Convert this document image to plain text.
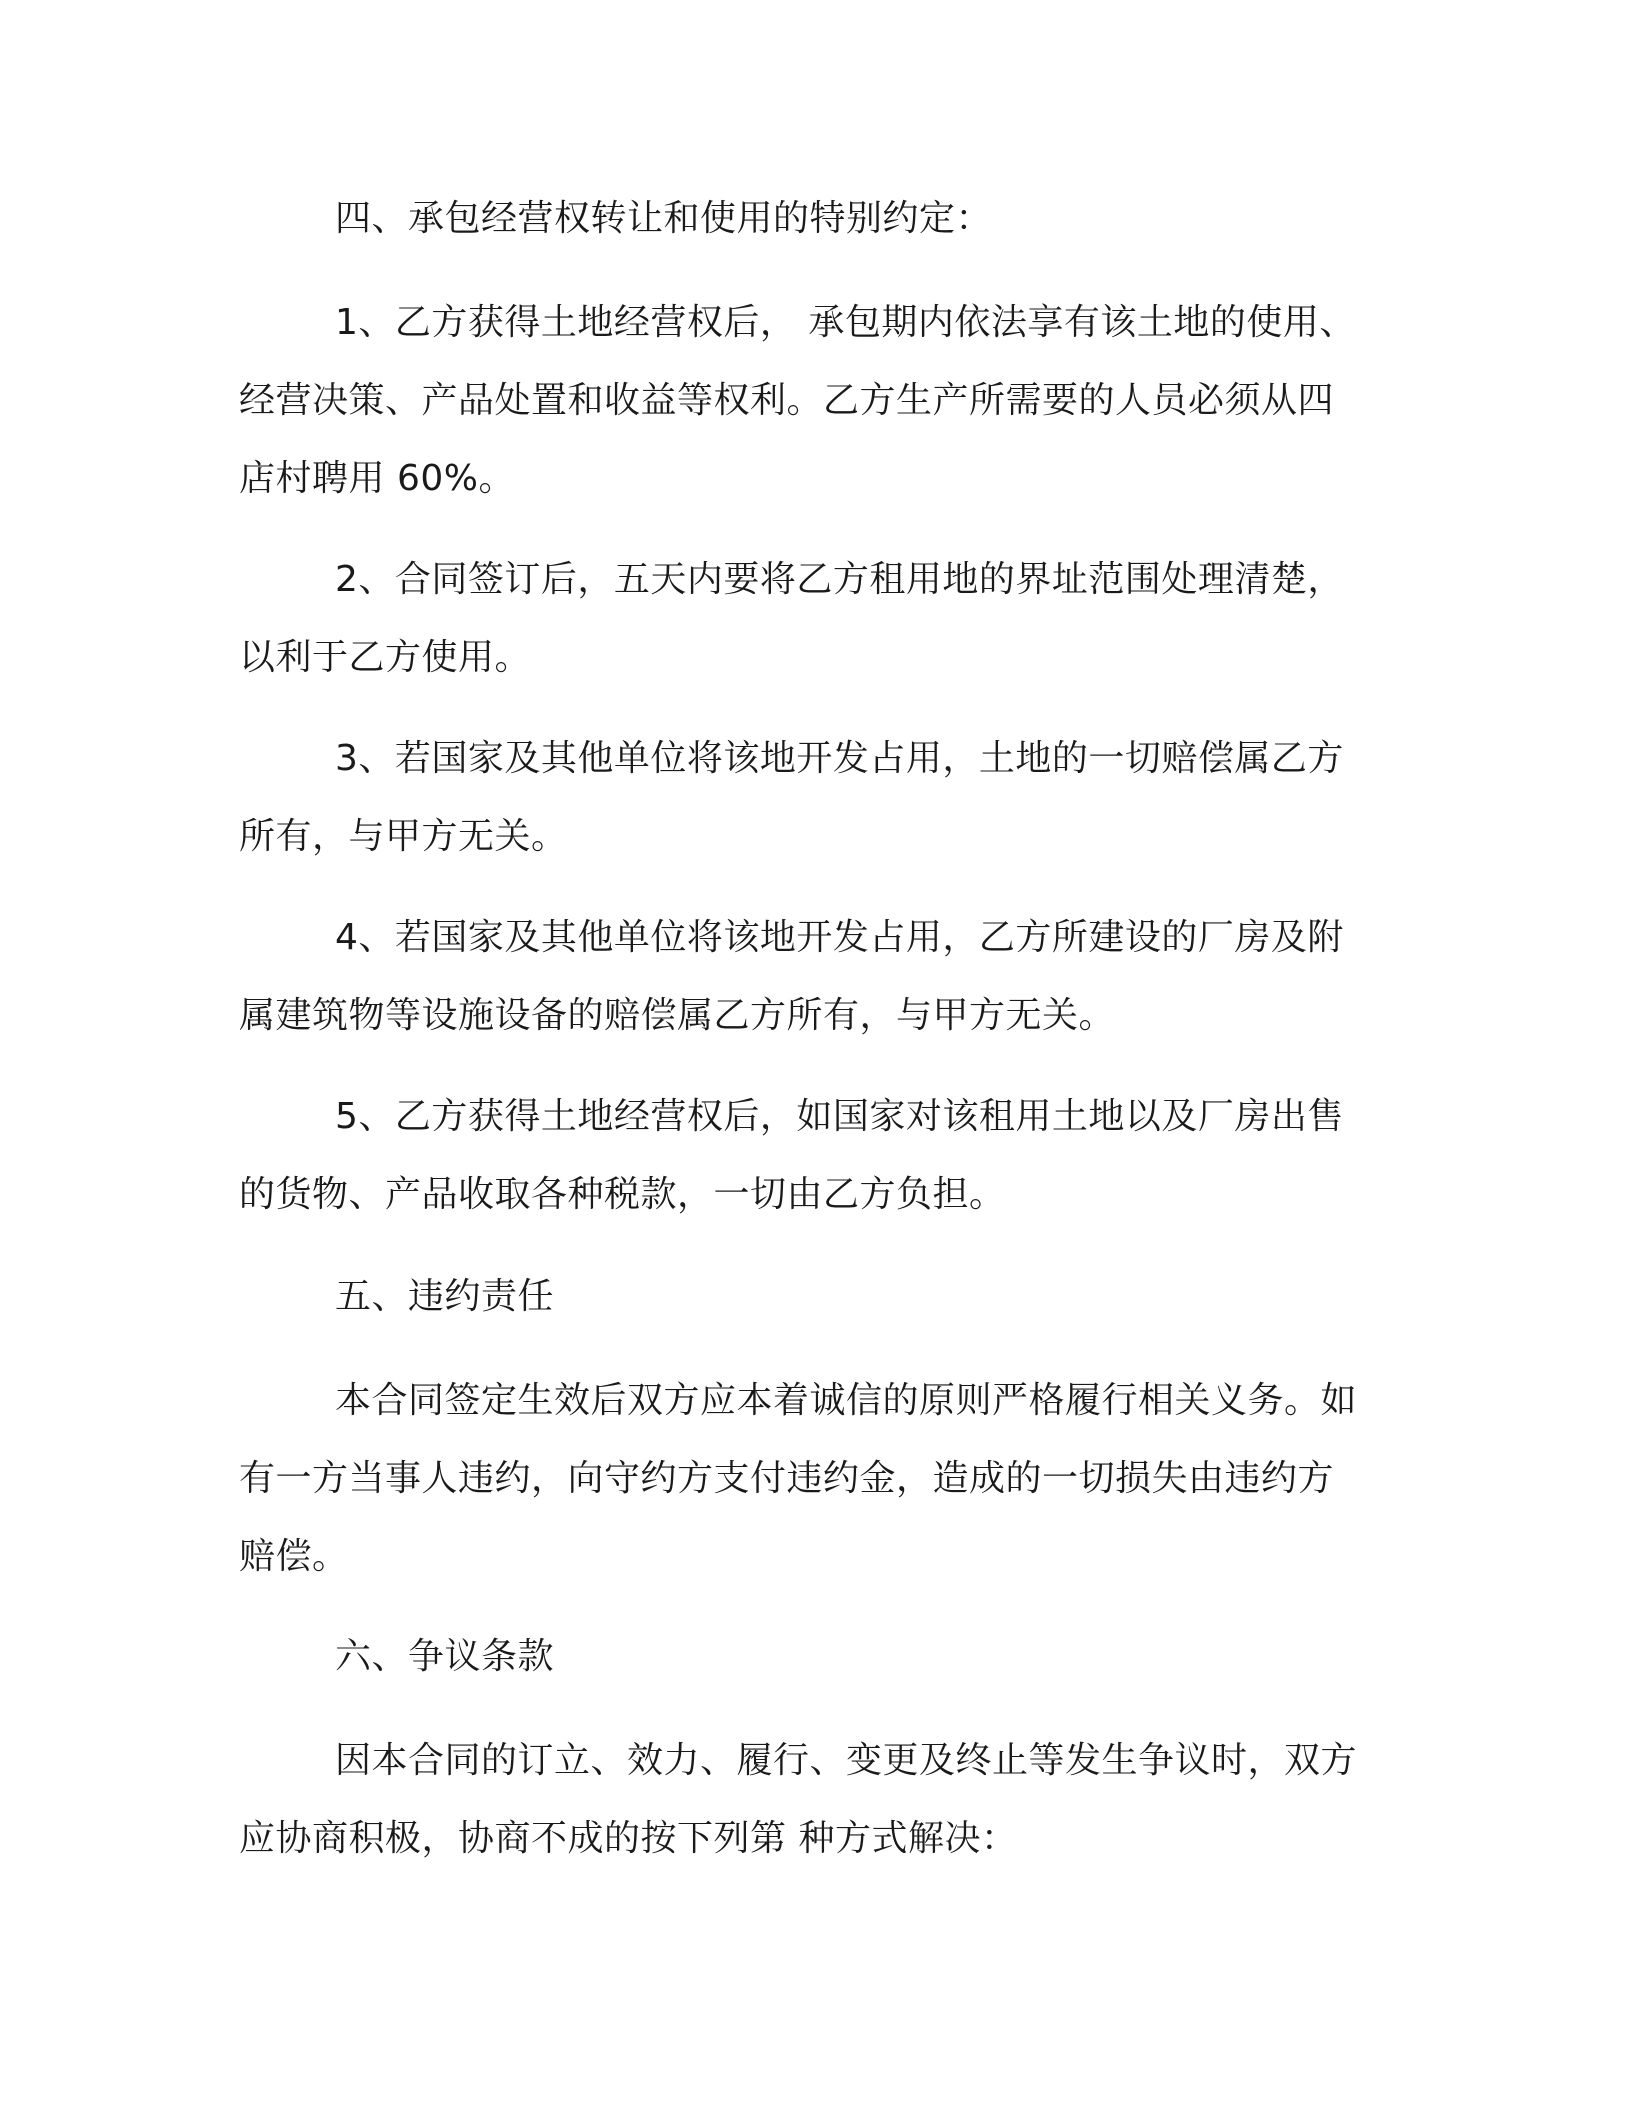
四、承包经营权转让和使用的特别约定：
1、乙方获得土地经营权后， 承包期内依法享有该土地的使用、
经营决策、产品处置和收益等权利。乙方生产所需要的人员必须从四
店村聘用 60%。
2、合同签订后，五天内要将乙方租用地的界址范围处理清楚，
以利于乙方使用。
3、若国家及其他单位将该地开发占用，土地的一切赔偿属乙方
所有，与甲方无关。
4、若国家及其他单位将该地开发占用，乙方所建设的厂房及附
属建筑物等设施设备的赔偿属乙方所有，与甲方无关。
5、乙方获得土地经营权后，如国家对该租用土地以及厂房出售
的货物、产品收取各种税款，一切由乙方负担。
五、违约责任
本合同签定生效后双方应本着诚信的原则严格履行相关义务。如
有一方当事人违约，向守约方支付违约金，造成的一切损失由违约方
赔偿。
六、争议条款
因本合同的订立、效力、履行、变更及终止等发生争议时，双方
应协商积极，协商不成的按下列第 种方式解决：
